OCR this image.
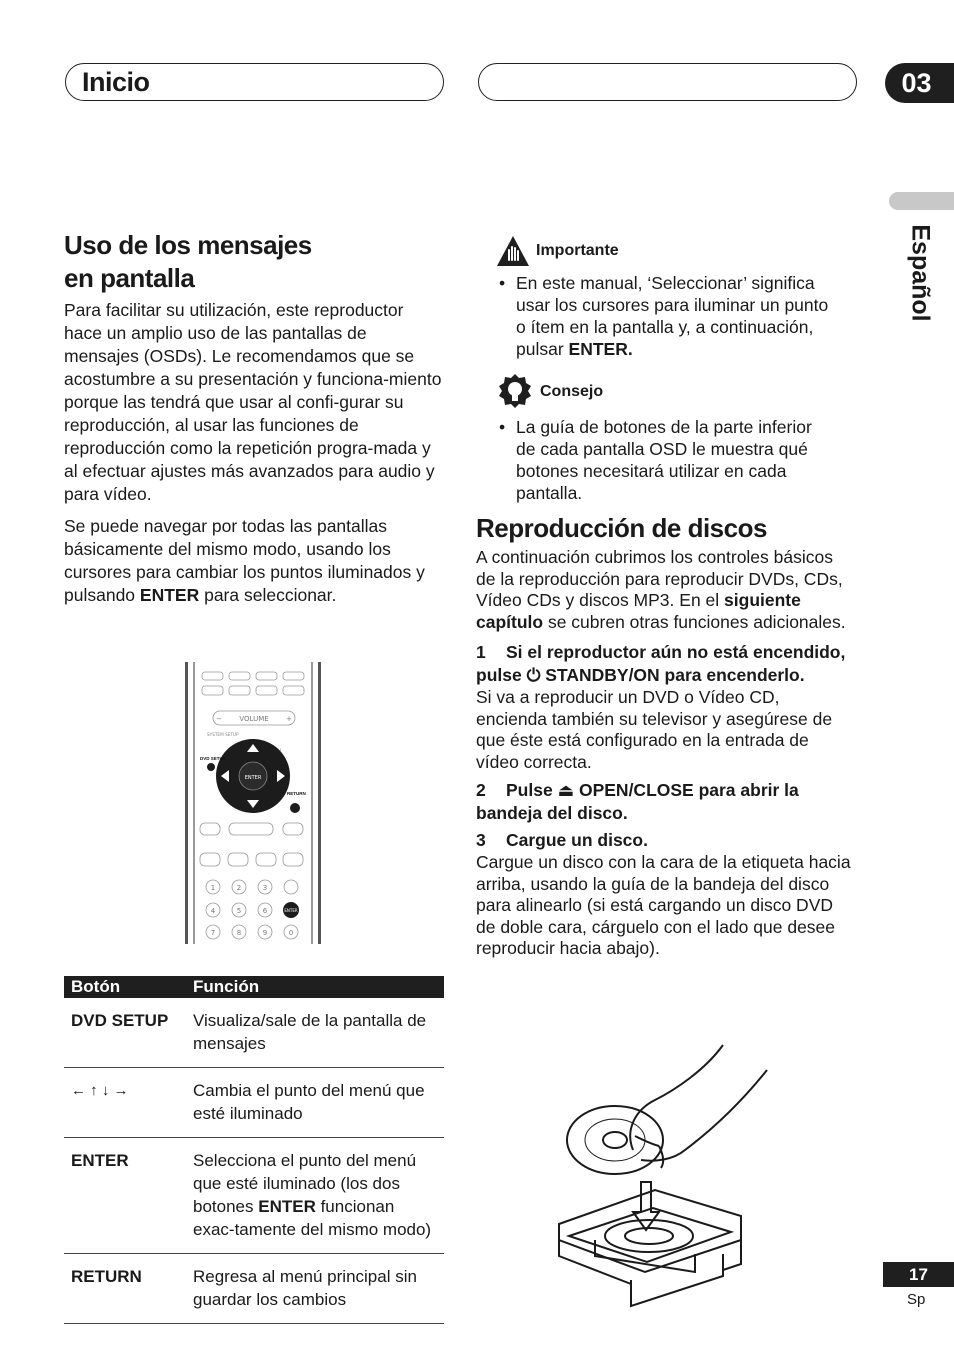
Inicio	03
Español
Uso de los mensajes
en pantalla

Para facilitar su utilización, este reproductor hace un amplio uso de las pantallas de mensajes (OSDs). Le recomendamos que se acostumbre a su presentación y funciona-miento porque las tendrá que usar al confi-gurar su reproducción, al usar las funciones de reproducción como la repetición progra-mada y al efectuar ajustes más avanzados para audio y para vídeo.

Se puede navegar por todas las pantallas básicamente del mismo modo, usando los cursores para cambiar los puntos iluminados y pulsando ENTER para seleccionar.

SYSTEM SETUP
VOLUME
−	+
ENTER
ENTER
1	2	3
4	5	6
7	8	9	0
DVD SETUP
RETURN
Botón	Función
DVD SETUP	Visualiza/sale de la pantalla de mensajes
← ↑ ↓ →	Cambia el punto del menú que esté iluminado
ENTER	Selecciona el punto del menú que esté iluminado (los dos botones ENTER funcionan exac-tamente del mismo modo)
RETURN	Regresa al menú principal sin guardar los cambios
Importante
• En este manual, ‘Seleccionar’ significa usar los cursores para iluminar un punto o ítem en la pantalla y, a continuación, pulsar ENTER.
Consejo
• La guía de botones de la parte inferior de cada pantalla OSD le muestra qué botones necesitará utilizar en cada pantalla.
Reproducción de discos

A continuación cubrimos los controles básicos de la reproducción para reproducir DVDs, CDs, Vídeo CDs y discos MP3. En el siguiente capítulo se cubren otras funciones adicionales.

1 Si el reproductor aún no está encendido, pulse ⏻ STANDBY/ON para encenderlo.
Si va a reproducir un DVD o Vídeo CD, encienda también su televisor y asegúrese de que éste está configurado en la entrada de vídeo correcta.
2 Pulse ⏏ OPEN/CLOSE para abrir la bandeja del disco.
3 Cargue un disco.
Cargue un disco con la cara de la etiqueta hacia arriba, usando la guía de la bandeja del disco para alinearlo (si está cargando un disco DVD de doble cara, cárguelo con el lado que desee reproducir hacia abajo).
17
Sp
